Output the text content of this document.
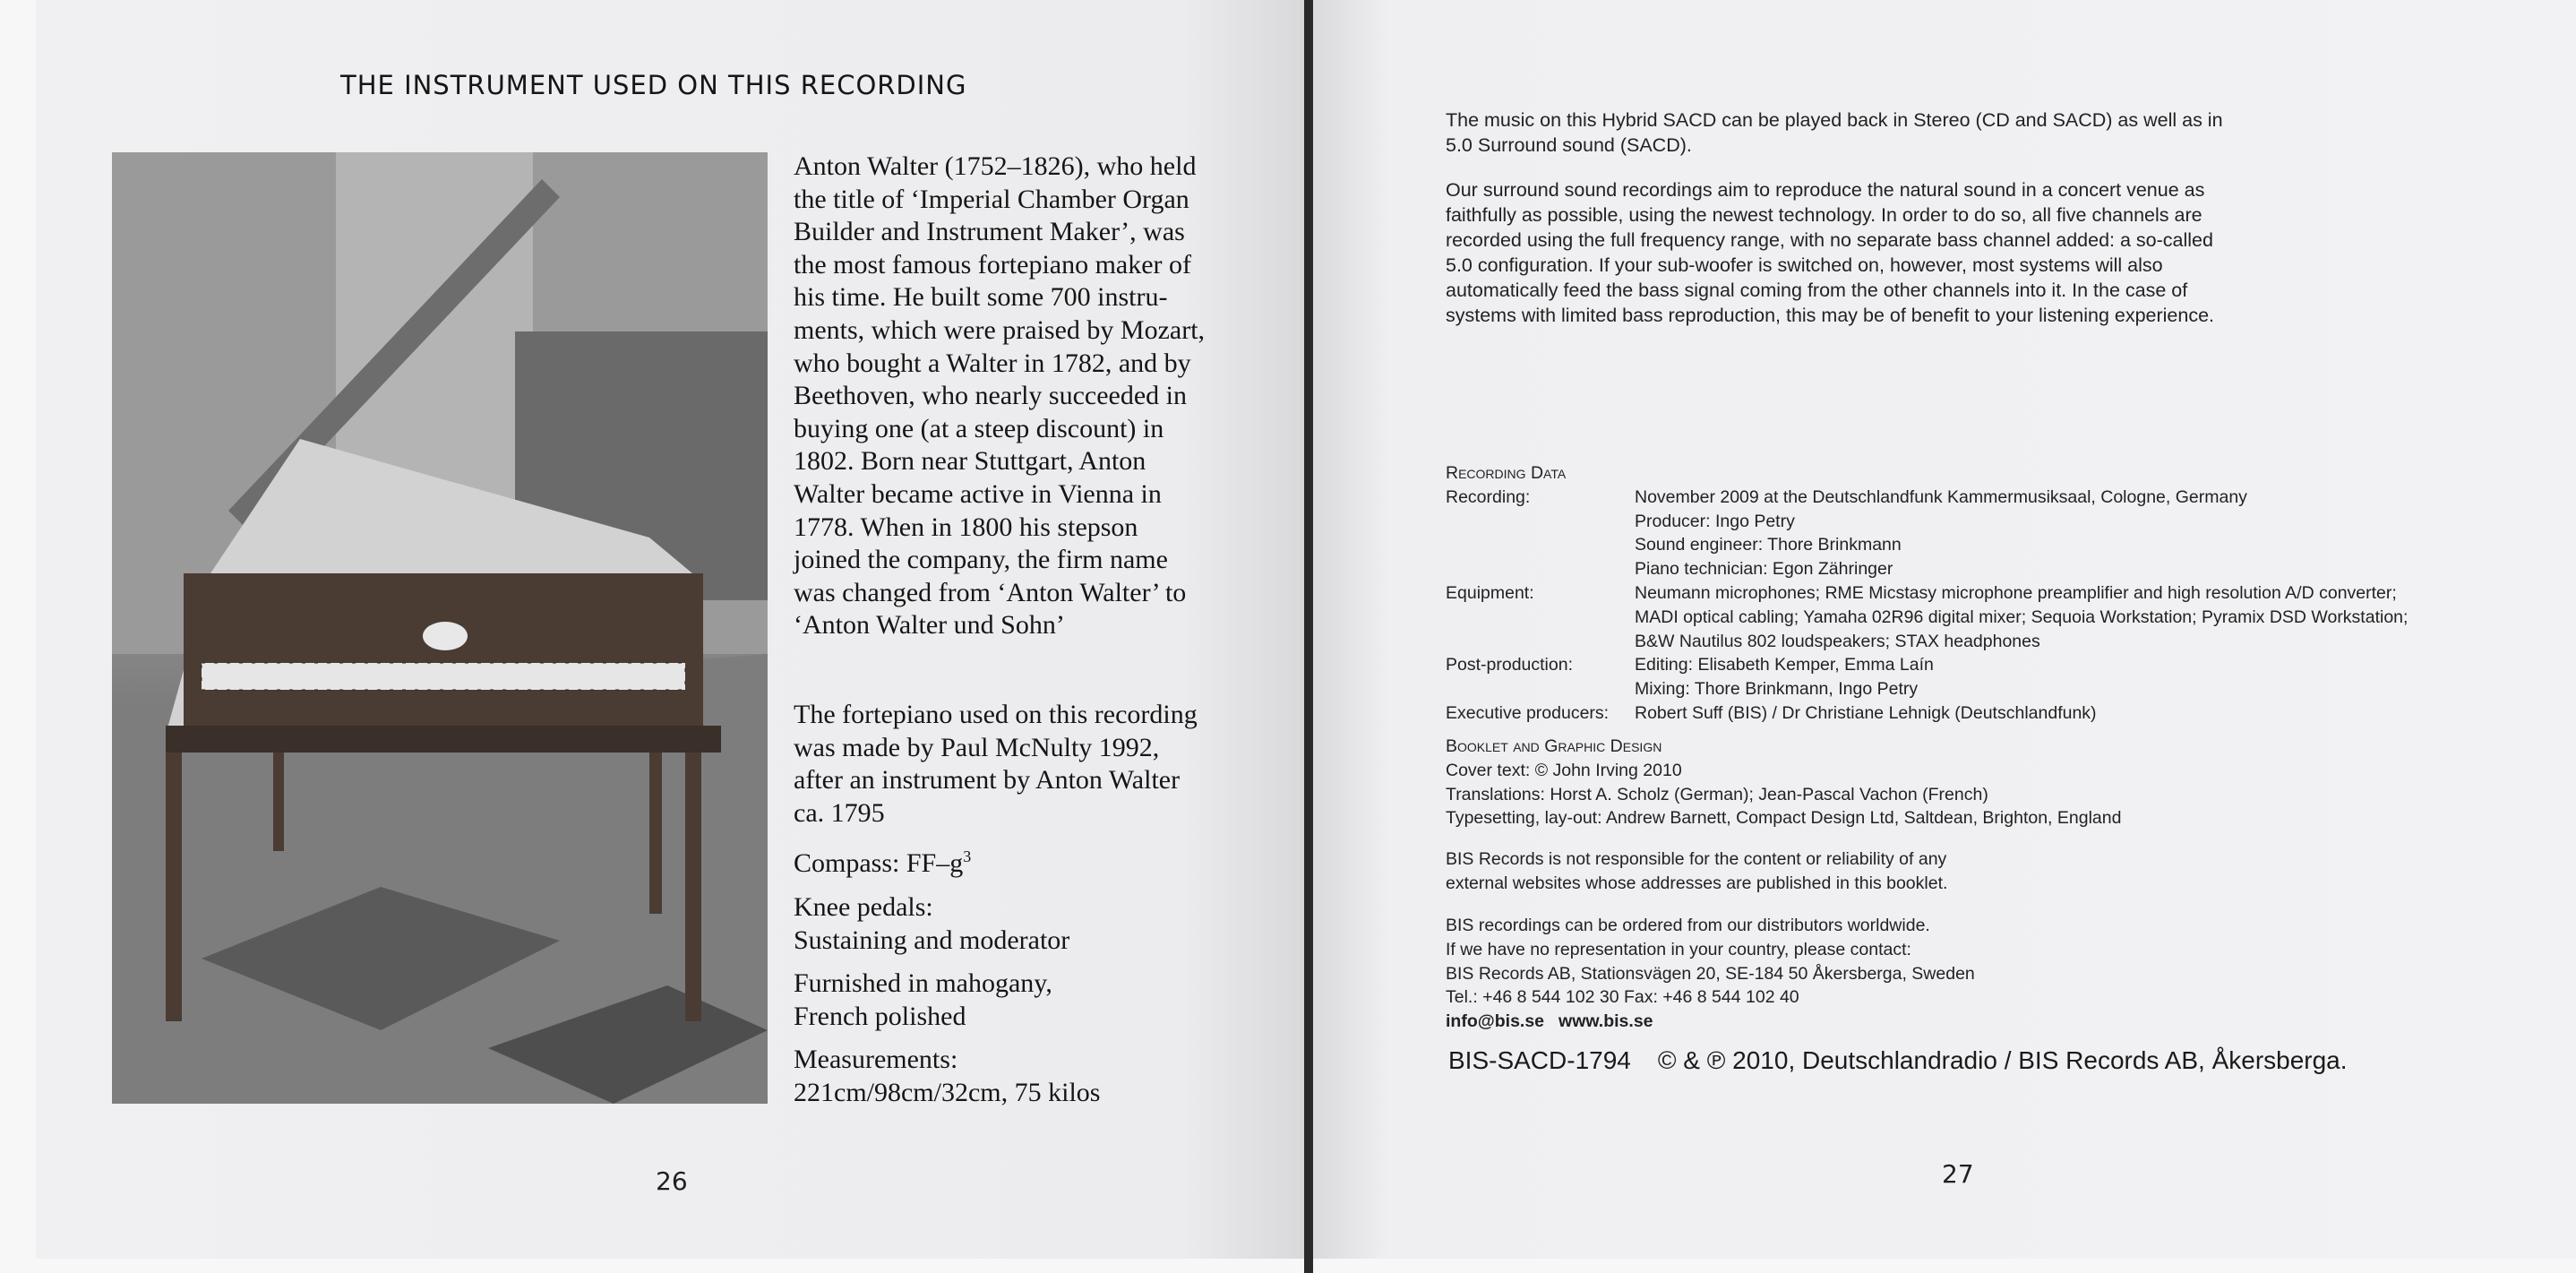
THE INSTRUMENT USED ON THIS RECORDING

Anton Walter (1752–1826), who held

the title of ‘Imperial Chamber Organ

Builder and Instrument Maker’, was

the most famous fortepiano maker of

his time. He built some 700 instru-

ments, which were praised by Mozart,

who bought a Walter in 1782, and by

Beethoven, who nearly succeeded in

buying one (at a steep discount) in

1802. Born near Stuttgart, Anton

Walter became active in Vienna in

1778. When in 1800 his stepson

joined the company, the firm name

was changed from ‘Anton Walter’ to

‘Anton Walter und Sohn’

The fortepiano used on this recording

was made by Paul McNulty 1992,

after an instrument by Anton Walter

ca. 1795

Compass: $FF-g^3$

Knee pedals:

Sustaining and moderator

Furnished in mahogany,

French polished

Measurements:

221cm/98cm/32cm, 75 kilos

26
The music on this Hybrid SACD can be played back in Stereo (CD and SACD) as well as in
5.0 Surround sound (SACD).
Our surround sound recordings aim to reproduce the natural sound in a concert venue as
faithfully as possible, using the newest technology. In order to do so, all five channels are
recorded using the full frequency range, with no separate bass channel added: a so-called
5.0 configuration. If your sub-woofer is switched on, however, most systems will also
automatically feed the bass signal coming from the other channels into it. In the case of
systems with limited bass reproduction, this may be of benefit to your listening experience.
Recording Data
Recording:	November 2009 at the Deutschlandfunk Kammermusiksaal, Cologne, Germany
Producer: Ingo Petry
Sound engineer: Thore Brinkmann
Piano technician: Egon Zähringer
Equipment:	Neumann microphones; RME Micstasy microphone preamplifier and high resolution A/D converter;
MADI optical cabling; Yamaha 02R96 digital mixer; Sequoia Workstation; Pyramix DSD Workstation;
B&W Nautilus 802 loudspeakers; STAX headphones
Post-production:	Editing: Elisabeth Kemper, Emma Laín
Mixing: Thore Brinkmann, Ingo Petry
Executive producers:	Robert Suff (BIS) / Dr Christiane Lehnigk (Deutschlandfunk)
Booklet and Graphic Design
Cover text: © John Irving 2010
Translations: Horst A. Scholz (German); Jean-Pascal Vachon (French)
Typesetting, lay-out: Andrew Barnett, Compact Design Ltd, Saltdean, Brighton, England
BIS Records is not responsible for the content or reliability of any
external websites whose addresses are published in this booklet.
BIS recordings can be ordered from our distributors worldwide.
If we have no representation in your country, please contact:
BIS Records AB, Stationsvägen 20, SE-184 50 Åkersberga, Sweden
Tel.: +46 8 544 102 30 Fax: +46 8 544 102 40
info@bis.se www.bis.se
BIS-SACD-1794 © & ℗ 2010, Deutschlandradio / BIS Records AB, Åkersberga.
27
